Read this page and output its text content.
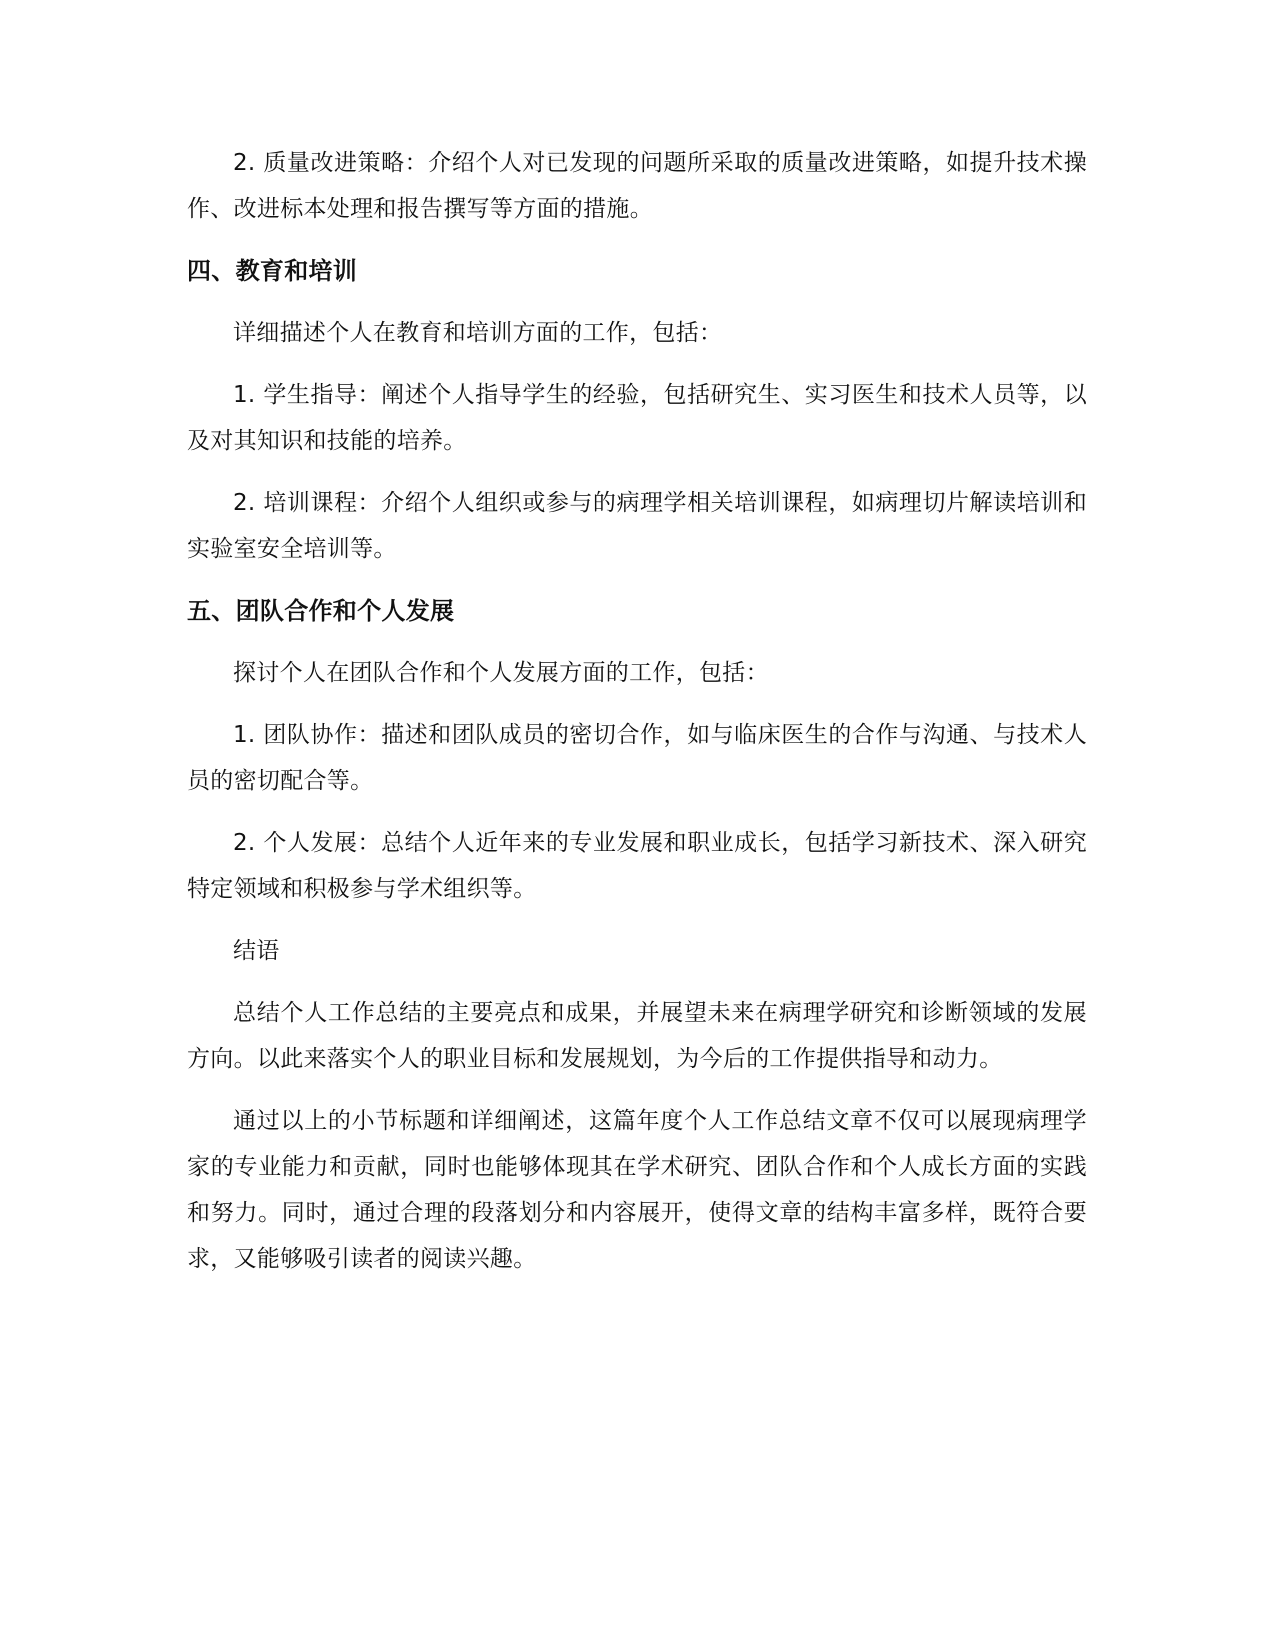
2. 质量改进策略：介绍个人对已发现的问题所采取的质量改进策略，如提升技术操作、改进标本处理和报告撰写等方面的措施。

四、教育和培训

详细描述个人在教育和培训方面的工作，包括：

1. 学生指导：阐述个人指导学生的经验，包括研究生、实习医生和技术人员等，以及对其知识和技能的培养。

2. 培训课程：介绍个人组织或参与的病理学相关培训课程，如病理切片解读培训和实验室安全培训等。

五、团队合作和个人发展

探讨个人在团队合作和个人发展方面的工作，包括：

1. 团队协作：描述和团队成员的密切合作，如与临床医生的合作与沟通、与技术人员的密切配合等。

2. 个人发展：总结个人近年来的专业发展和职业成长，包括学习新技术、深入研究特定领域和积极参与学术组织等。

结语

总结个人工作总结的主要亮点和成果，并展望未来在病理学研究和诊断领域的发展方向。以此来落实个人的职业目标和发展规划，为今后的工作提供指导和动力。

通过以上的小节标题和详细阐述，这篇年度个人工作总结文章不仅可以展现病理学家的专业能力和贡献，同时也能够体现其在学术研究、团队合作和个人成长方面的实践和努力。同时，通过合理的段落划分和内容展开，使得文章的结构丰富多样，既符合要求，又能够吸引读者的阅读兴趣。
